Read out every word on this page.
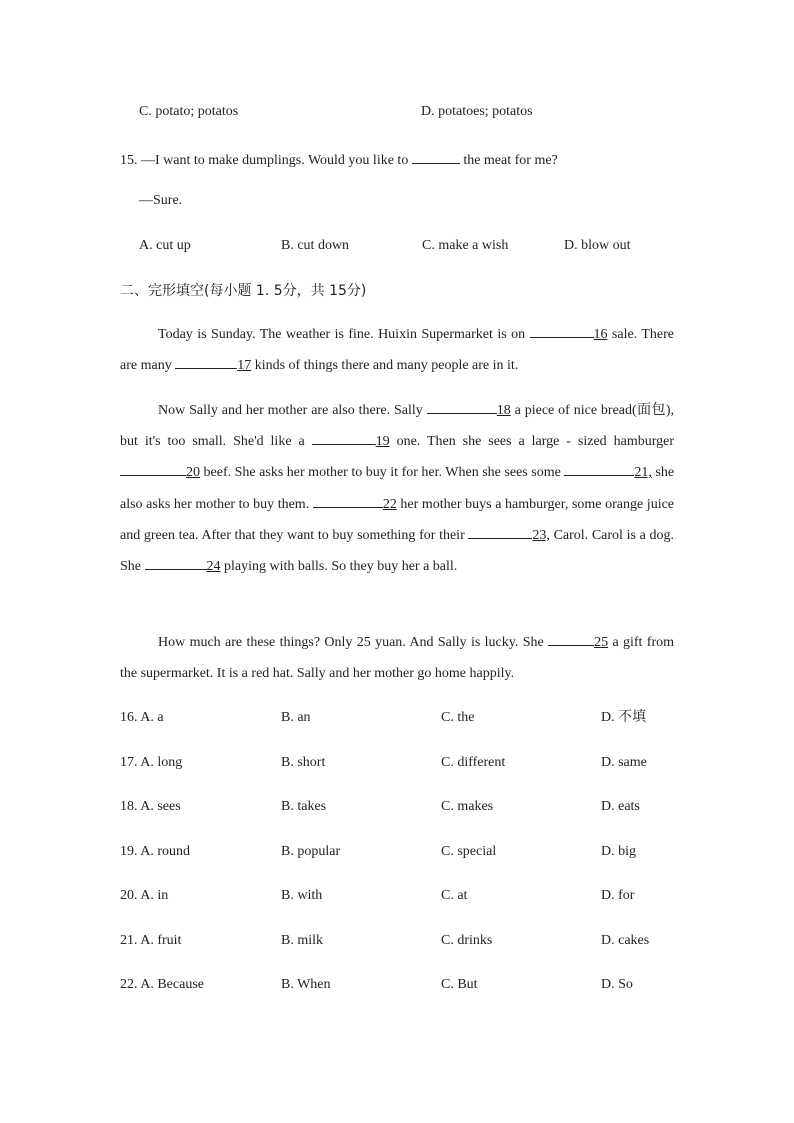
C. potato; potatos	D. potatoes; potatos
15. —I want to make dumplings. Would you like to	the meat for me?
—Sure.
A. cut up	B. cut down	C. make a wish	D. blow out
二、完形填空(每小题 1. 5分，共 15分)
Today is Sunday. The weather is fine. Huixin Supermarket is on	16 sale. There are many	17 kinds of things there and many people are in it.
Now Sally and her mother are also there. Sally	18 a piece of nice bread(面包), but it's too small. She'd like a	19 one. Then she sees a large - sized hamburger 20 beef. She asks her mother to buy it for her. When she sees some	21, she also asks her mother to buy them.	22 her mother buys a hamburger, some orange juice and green tea. After that they want to buy something for their	23, Carol. Carol is a dog. She	24 playing with balls. So they buy her a ball.
How much are these things? Only 25 yuan. And Sally is lucky. She	25 a gift from the supermarket. It is a red hat. Sally and her mother go home happily.
16. A. a	B. an	C. the	D. 不填
17. A. long	B. short	C. different	D. same
18. A. sees	B. takes	C. makes	D. eats
19. A. round	B. popular	C. special	D. big
20. A. in	B. with	C. at	D. for
21. A. fruit	B. milk	C. drinks	D. cakes
22. A. Because	B. When	C. But	D. So
